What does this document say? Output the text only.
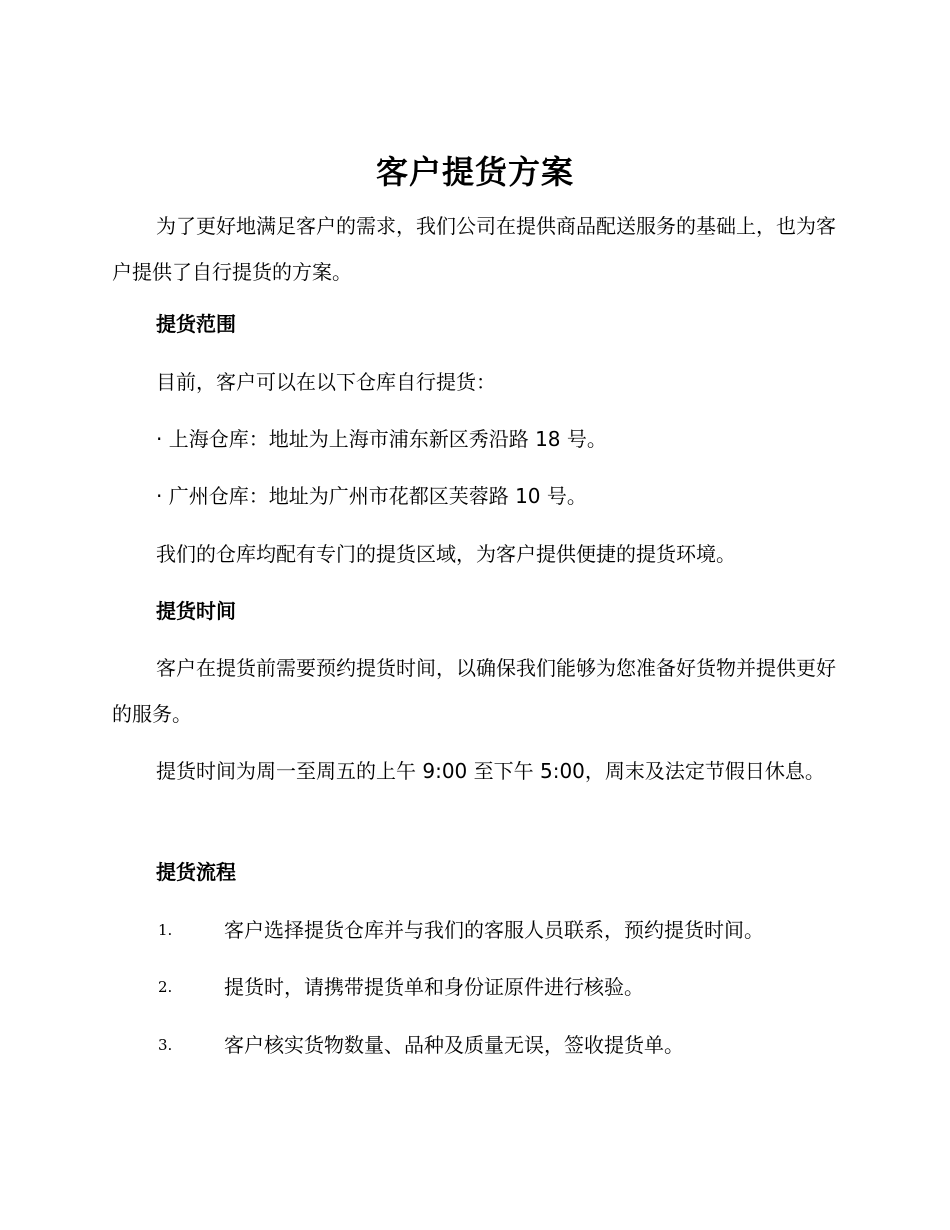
客户提货方案

为了更好地满足客户的需求，我们公司在提供商品配送服务的基础上，也为客户提供了自行提货的方案。

提货范围
目前，客户可以在以下仓库自行提货：
· 上海仓库：地址为上海市浦东新区秀沿路 18 号。
· 广州仓库：地址为广州市花都区芙蓉路 10 号。
我们的仓库均配有专门的提货区域，为客户提供便捷的提货环境。
提货时间

客户在提货前需要预约提货时间，以确保我们能够为您准备好货物并提供更好的服务。

提货时间为周一至周五的上午 9:00 至下午 5:00，周末及法定节假日休息。

提货流程
1.	客户选择提货仓库并与我们的客服人员联系，预约提货时间。
2.	提货时，请携带提货单和身份证原件进行核验。
3.	客户核实货物数量、品种及质量无误，签收提货单。
